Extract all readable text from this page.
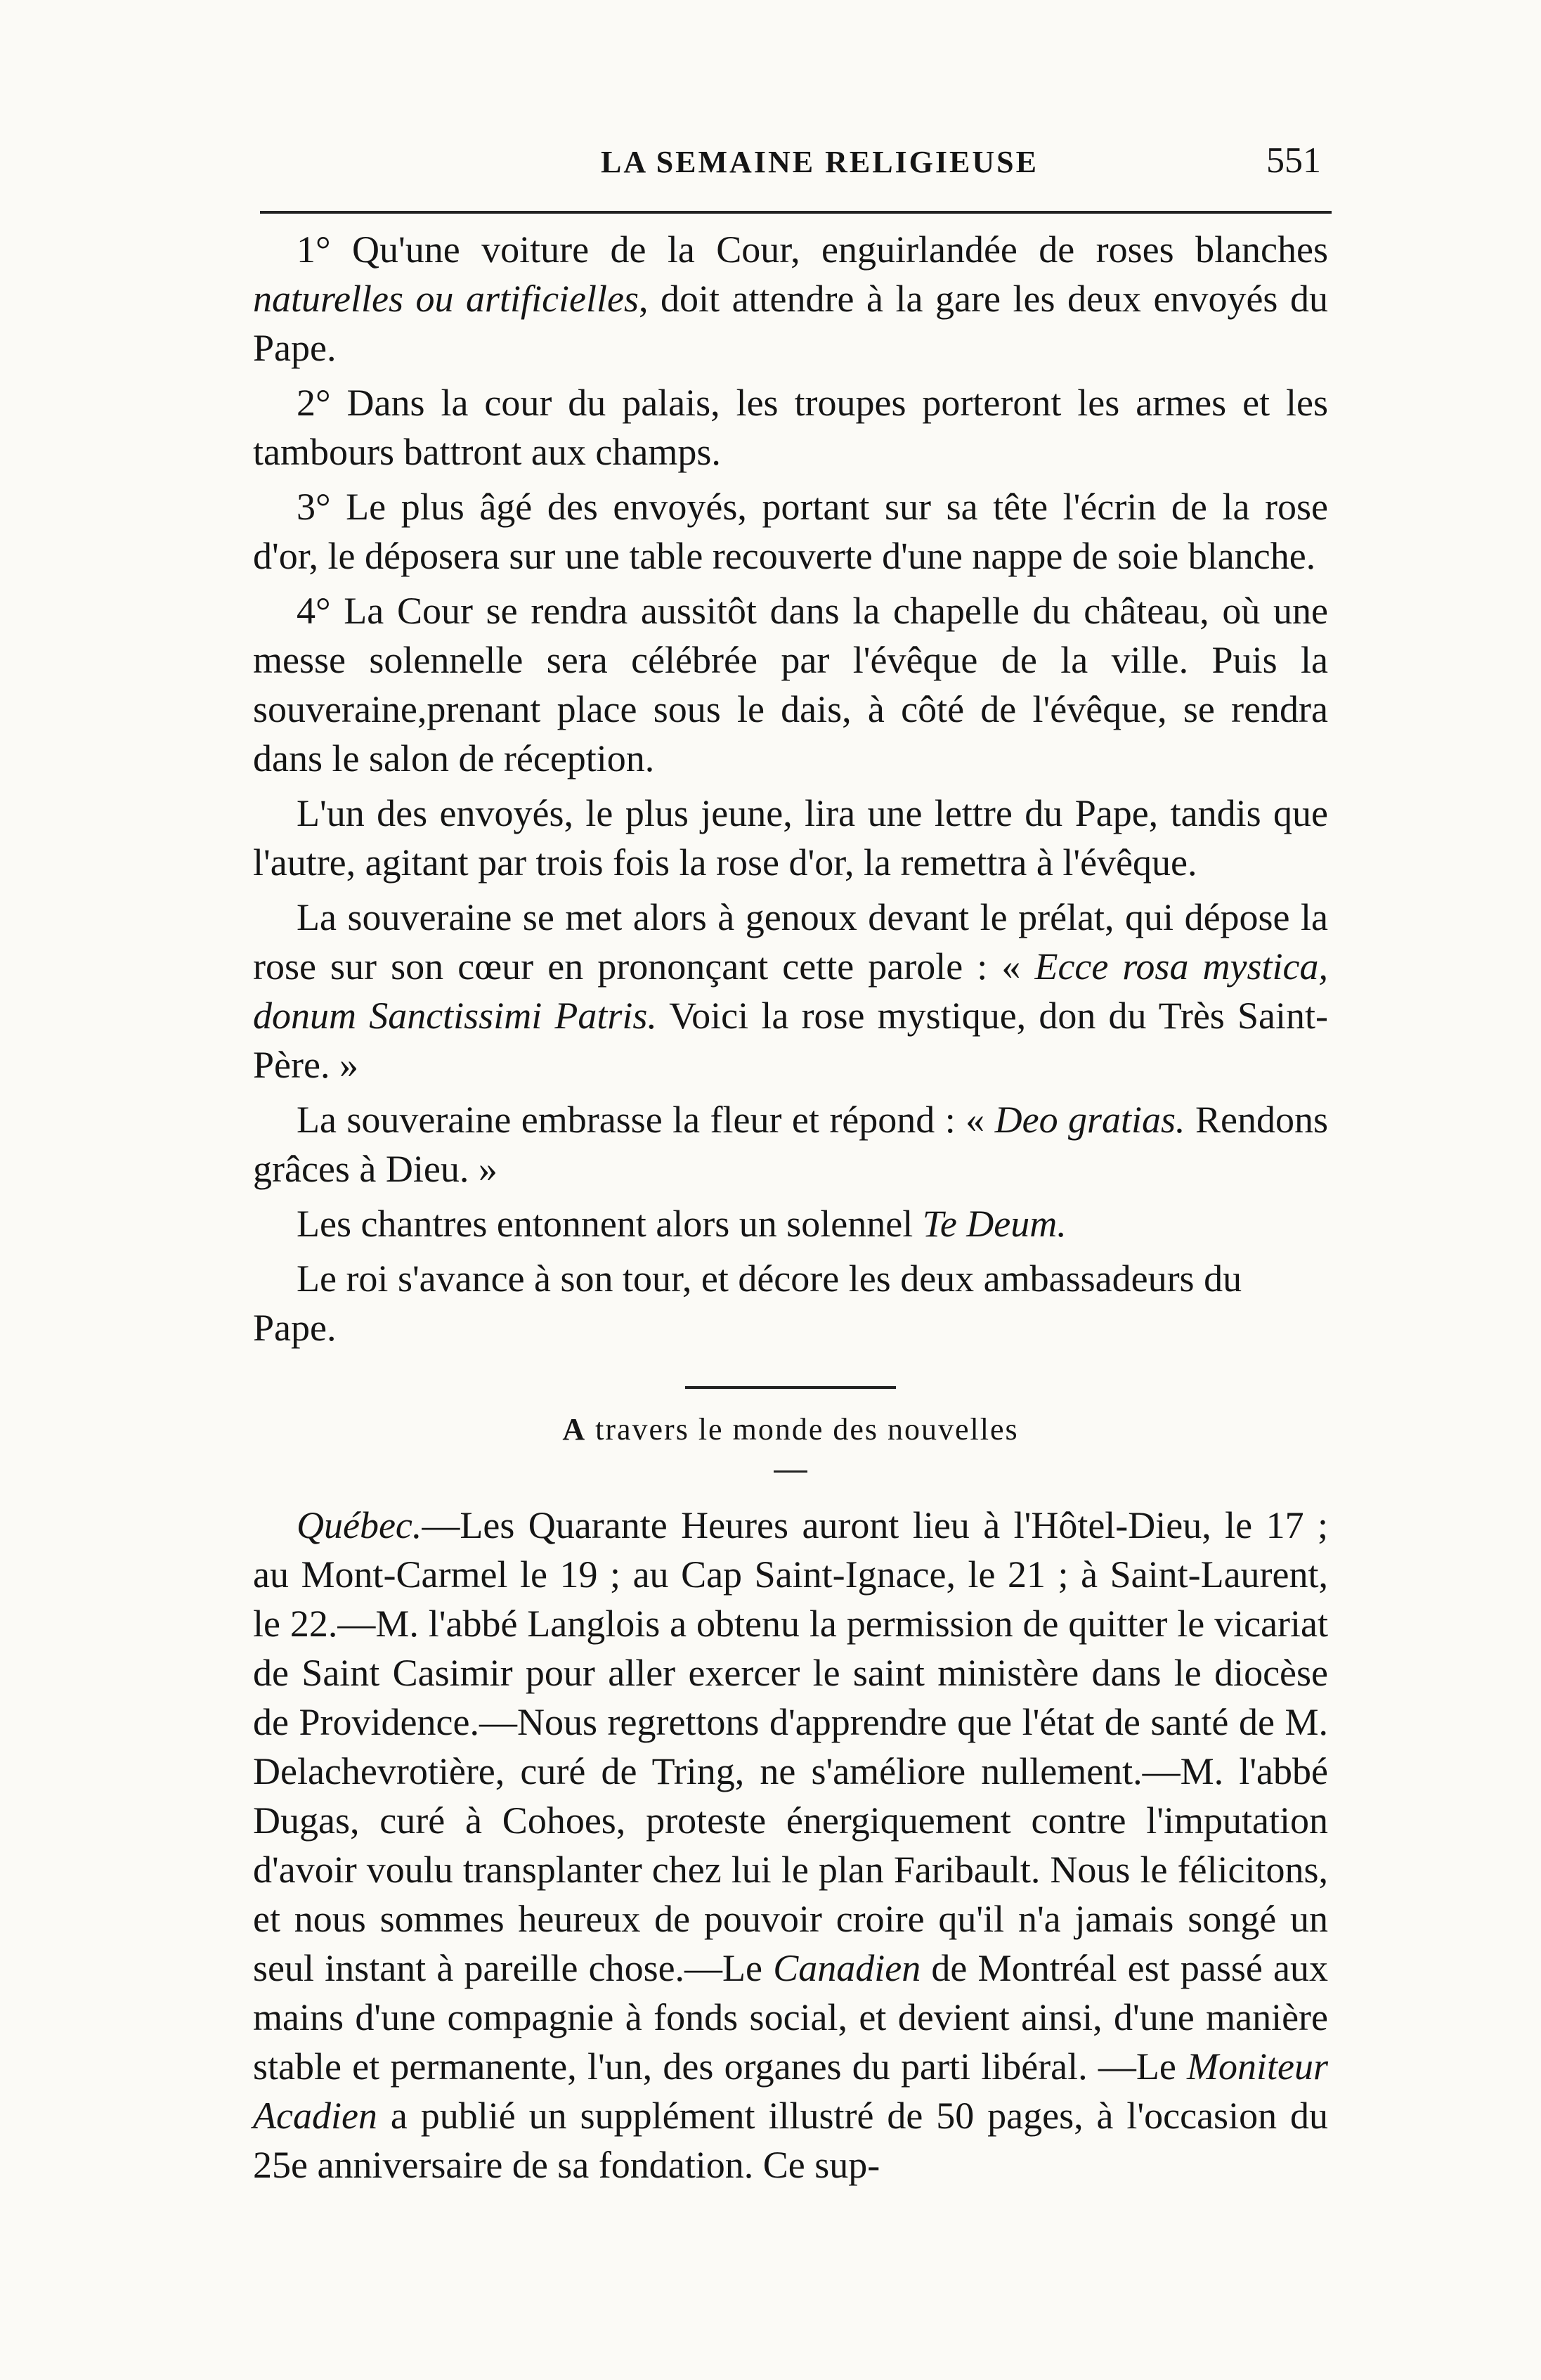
LA SEMAINE RELIGIEUSE	551

1° Qu'une voiture de la Cour, enguirlandée de roses blanches naturelles ou artificielles, doit attendre à la gare les deux envoyés du Pape.

2° Dans la cour du palais, les troupes porteront les armes et les tambours battront aux champs.

3° Le plus âgé des envoyés, portant sur sa tête l'écrin de la rose d'or, le déposera sur une table recouverte d'une nappe de soie blanche.

4° La Cour se rendra aussitôt dans la chapelle du château, où une messe solennelle sera célébrée par l'évêque de la ville. Puis la souveraine,prenant place sous le dais, à côté de l'évêque, se rendra dans le salon de réception.

L'un des envoyés, le plus jeune, lira une lettre du Pape, tandis que l'autre, agitant par trois fois la rose d'or, la remettra à l'évêque.

La souveraine se met alors à genoux devant le prélat, qui dépose la rose sur son cœur en prononçant cette parole : « Ecce rosa mystica, donum Sanctissimi Patris. Voici la rose mystique, don du Très Saint-Père. »

La souveraine embrasse la fleur et répond : « Deo gratias. Rendons grâces à Dieu. »

Les chantres entonnent alors un solennel Te Deum.

Le roi s'avance à son tour, et décore les deux ambassadeurs du Pape.

A travers le monde des nouvelles

Québec.—Les Quarante Heures auront lieu à l'Hôtel-Dieu, le 17 ; au Mont-Carmel le 19 ; au Cap Saint-Ignace, le 21 ; à Saint-Laurent, le 22.—M. l'abbé Langlois a obtenu la permission de quitter le vicariat de Saint Casimir pour aller exercer le saint ministère dans le diocèse de Providence.—Nous regrettons d'apprendre que l'état de santé de M. Delachevrotière, curé de Tring, ne s'améliore nullement.—M. l'abbé Dugas, curé à Cohoes, proteste énergiquement contre l'imputation d'avoir voulu transplanter chez lui le plan Faribault. Nous le félicitons, et nous sommes heureux de pouvoir croire qu'il n'a jamais songé un seul instant à pareille chose.—Le Canadien de Montréal est passé aux mains d'une compagnie à fonds social, et devient ainsi, d'une manière stable et permanente, l'un, des organes du parti libéral. —Le Moniteur Acadien a publié un supplément illustré de 50 pages, à l'occasion du 25e anniversaire de sa fondation. Ce sup-
